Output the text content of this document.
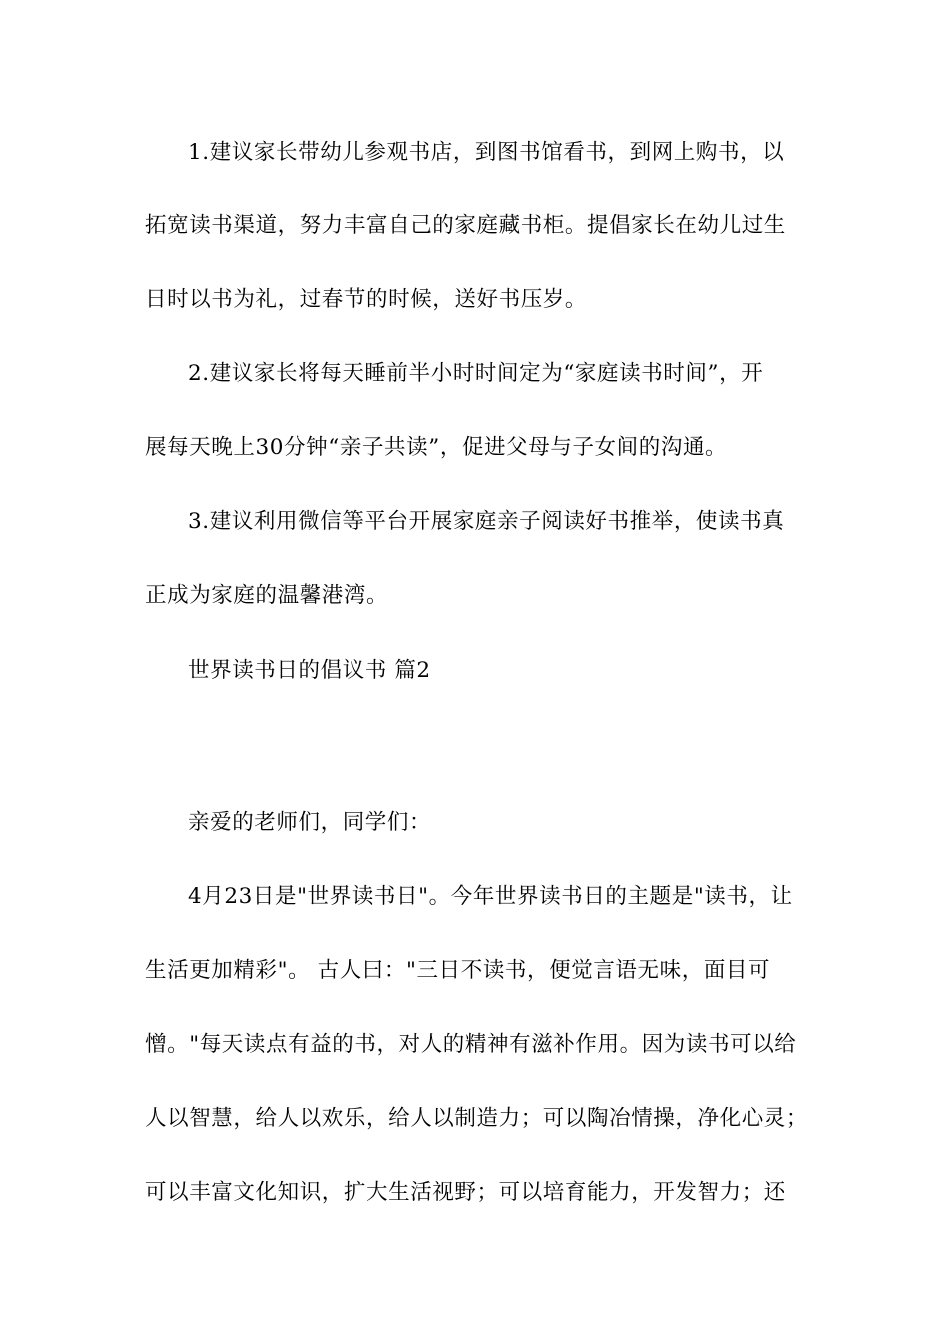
1.建议家长带幼儿参观书店，到图书馆看书，到网上购书，以
拓宽读书渠道，努力丰富自己的家庭藏书柜。提倡家长在幼儿过生
日时以书为礼，过春节的时候，送好书压岁。
2.建议家长将每天睡前半小时时间定为“家庭读书时间”，开
展每天晚上30分钟“亲子共读”，促进父母与子女间的沟通。
3.建议利用微信等平台开展家庭亲子阅读好书推举，使读书真
正成为家庭的温馨港湾。
世界读书日的倡议书 篇2
亲爱的老师们，同学们：
4月23日是"世界读书日"。今年世界读书日的主题是"读书，让
生活更加精彩"。 古人曰："三日不读书，便觉言语无味，面目可
憎。"每天读点有益的书，对人的精神有滋补作用。因为读书可以给
人以智慧，给人以欢乐，给人以制造力；可以陶冶情操，净化心灵；
可以丰富文化知识，扩大生活视野；可以培育能力，开发智力；还
